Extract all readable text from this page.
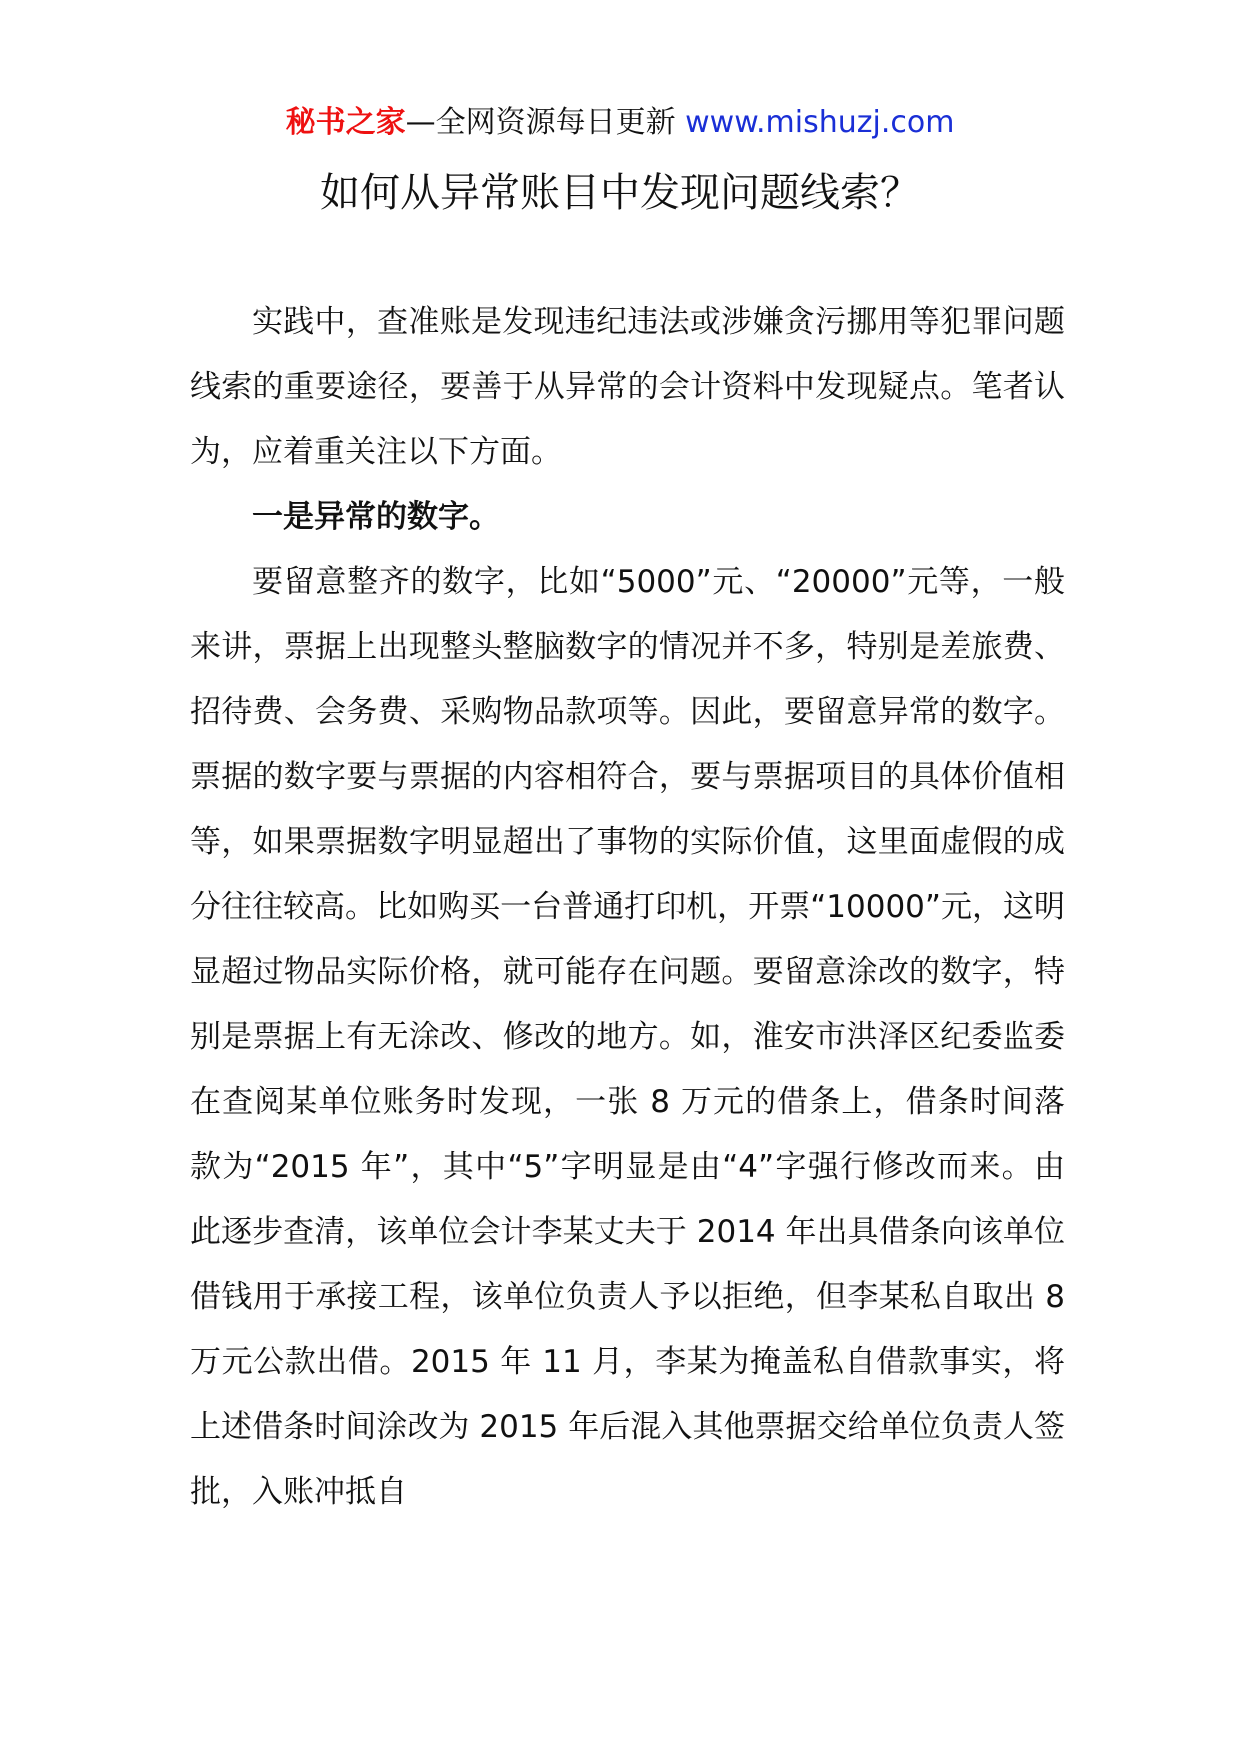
秘书之家—全网资源每日更新 www.mishuzj.com
如何从异常账目中发现问题线索？

实践中，查准账是发现违纪违法或涉嫌贪污挪用等犯罪问题线索的重要途径，要善于从异常的会计资料中发现疑点。笔者认为，应着重关注以下方面。

一是异常的数字。

要留意整齐的数字，比如“5000”元、“20000”元等，一般来讲，票据上出现整头整脑数字的情况并不多，特别是差旅费、招待费、会务费、采购物品款项等。因此，要留意异常的数字。票据的数字要与票据的内容相符合，要与票据项目的具体价值相等，如果票据数字明显超出了事物的实际价值，这里面虚假的成分往往较高。比如购买一台普通打印机，开票“10000”元，这明显超过物品实际价格，就可能存在问题。要留意涂改的数字，特别是票据上有无涂改、修改的地方。如，淮安市洪泽区纪委监委在查阅某单位账务时发现，一张 8 万元的借条上，借条时间落款为“2015 年”，其中“5”字明显是由“4”字强行修改而来。由此逐步查清，该单位会计李某丈夫于 2014 年出具借条向该单位借钱用于承接工程，该单位负责人予以拒绝，但李某私自取出 8 万元公款出借。2015 年 11 月，李某为掩盖私自借款事实，将上述借条时间涂改为 2015 年后混入其他票据交给单位负责人签批，入账冲抵自
